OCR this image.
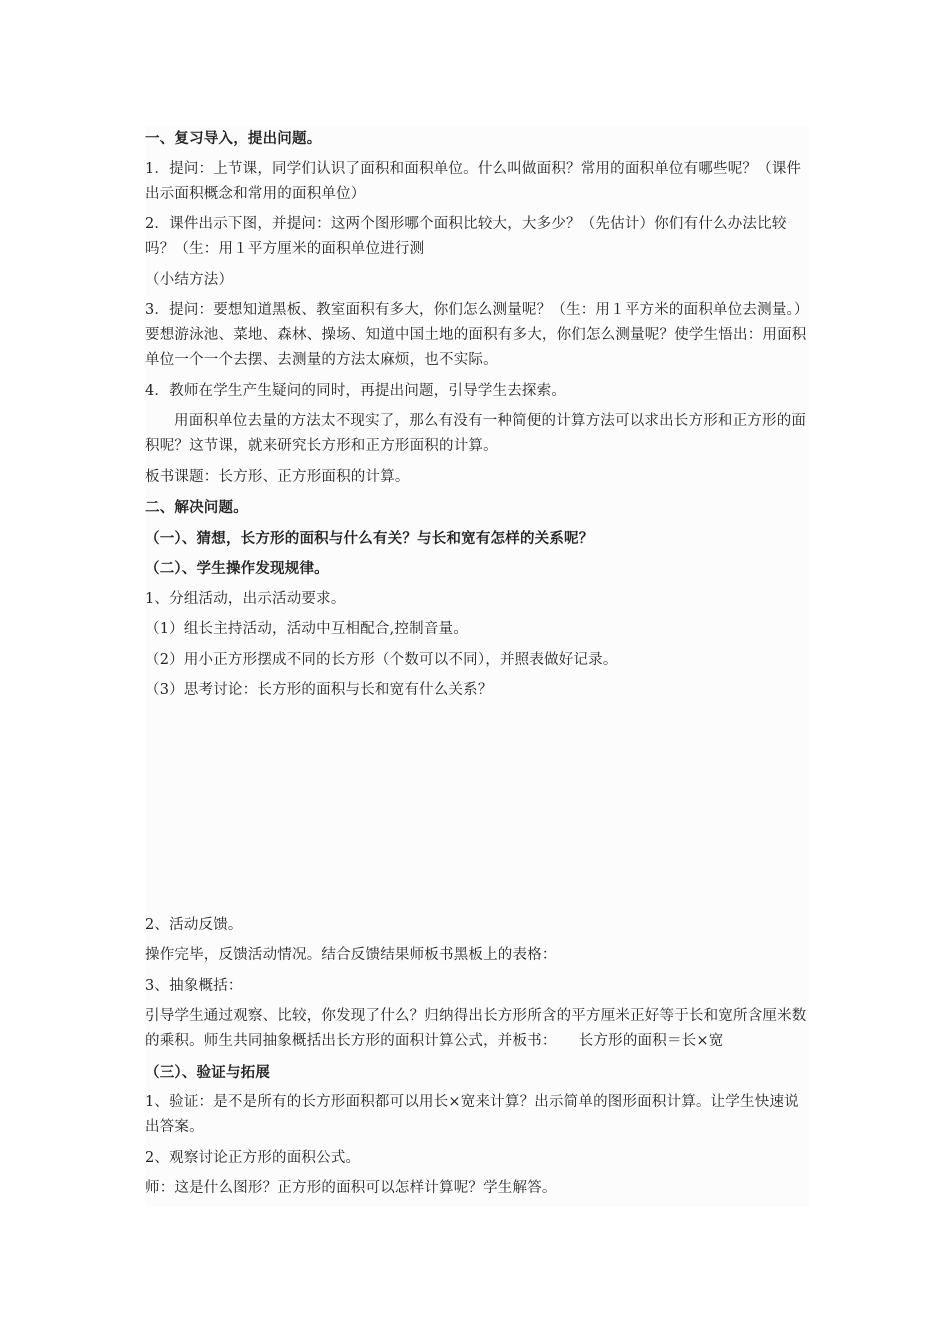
一、复习导入，提出问题。
1．提问：上节课，同学们认识了面积和面积单位。什么叫做面积？常用的面积单位有哪些呢？（课件出示面积概念和常用的面积单位）
2．课件出示下图，并提问：这两个图形哪个面积比较大，大多少？（先估计）你们有什么办法比较吗？（生：用１平方厘米的面积单位进行测
（小结方法）
3．提问：要想知道黑板、教室面积有多大，你们怎么测量呢？（生：用１平方米的面积单位去测量。）要想游泳池、菜地、森林、操场、知道中国土地的面积有多大，你们怎么测量呢？使学生悟出：用面积单位一个一个去摆、去测量的方法太麻烦，也不实际。
4．教师在学生产生疑问的同时，再提出问题，引导学生去探索。
用面积单位去量的方法太不现实了，那么有没有一种简便的计算方法可以求出长方形和正方形的面积呢？这节课，就来研究长方形和正方形面积的计算。
板书课题：长方形、正方形面积的计算。
二、解决问题。
（一）、猜想，长方形的面积与什么有关？与长和宽有怎样的关系呢？
（二）、学生操作发现规律。
1、分组活动，出示活动要求。
（1）组长主持活动，活动中互相配合,控制音量。
（2）用小正方形摆成不同的长方形（个数可以不同），并照表做好记录。
（3）思考讨论：长方形的面积与长和宽有什么关系？
2、活动反馈。
操作完毕，反馈活动情况。结合反馈结果师板书黑板上的表格：
3、抽象概括：
引导学生通过观察、比较，你发现了什么？归纳得出长方形所含的平方厘米正好等于长和宽所含厘米数的乘积。师生共同抽象概括出长方形的面积计算公式，并板书：　　长方形的面积＝长×宽
（三）、验证与拓展
1、验证：是不是所有的长方形面积都可以用长×宽来计算？出示简单的图形面积计算。让学生快速说出答案。
2、观察讨论正方形的面积公式。
师：这是什么图形？正方形的面积可以怎样计算呢？学生解答。
